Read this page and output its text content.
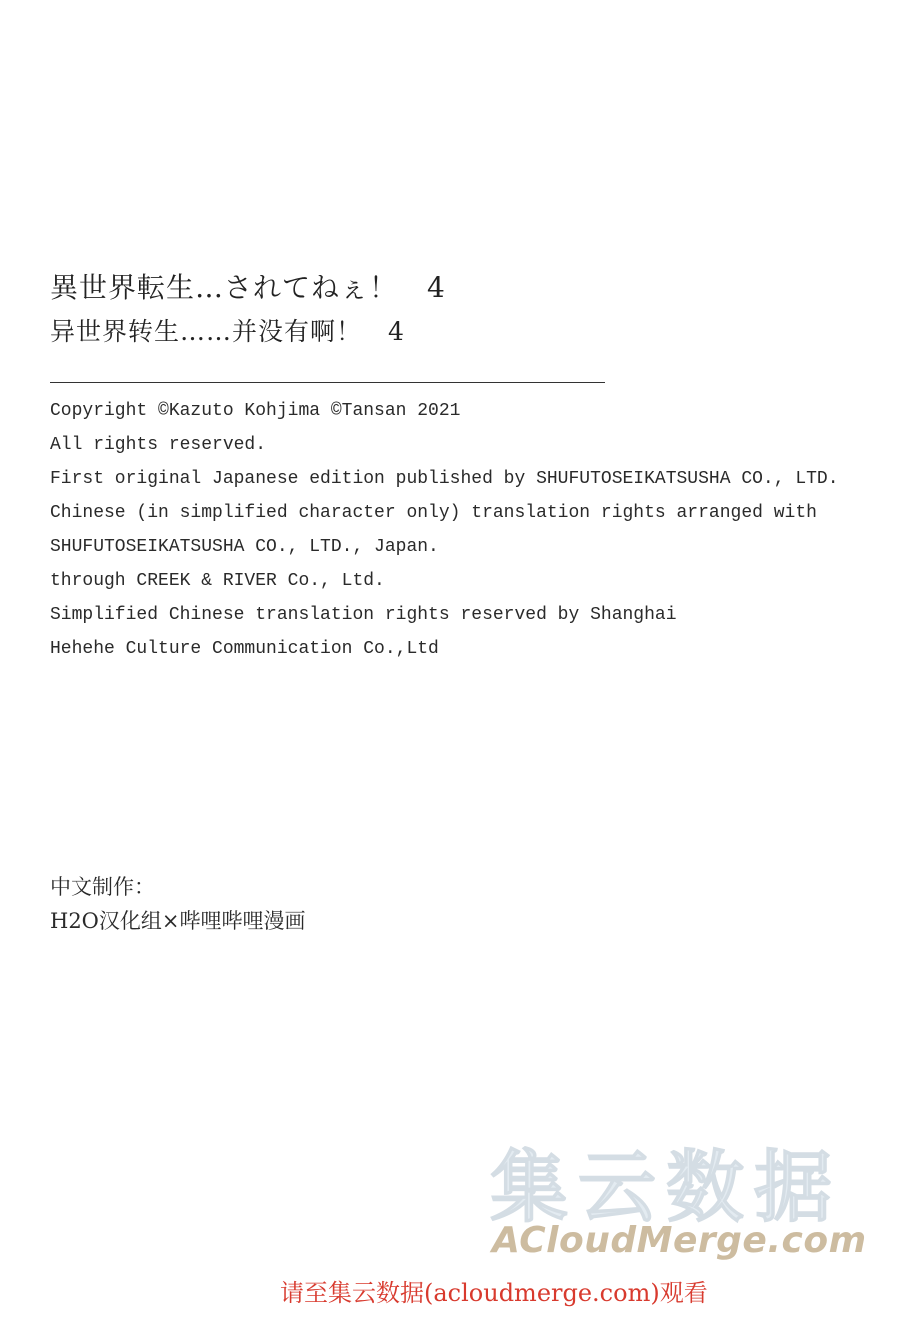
異世界転生…されてねぇ！　4
异世界转生……并没有啊！　4
Copyright ©Kazuto Kohjima ©Tansan 2021
All rights reserved.
First original Japanese edition published by SHUFUTOSEIKATSUSHA CO., LTD.
Chinese (in simplified character only) translation rights arranged with
SHUFUTOSEIKATSUSHA CO., LTD., Japan.
through CREEK & RIVER Co., Ltd.
Simplified Chinese translation rights reserved by Shanghai
Hehehe Culture Communication Co.,Ltd
中文制作：
H2O汉化组×哔哩哔哩漫画
集云数据
ACloudMerge.com
请至集云数据(acloudmerge.com)观看
